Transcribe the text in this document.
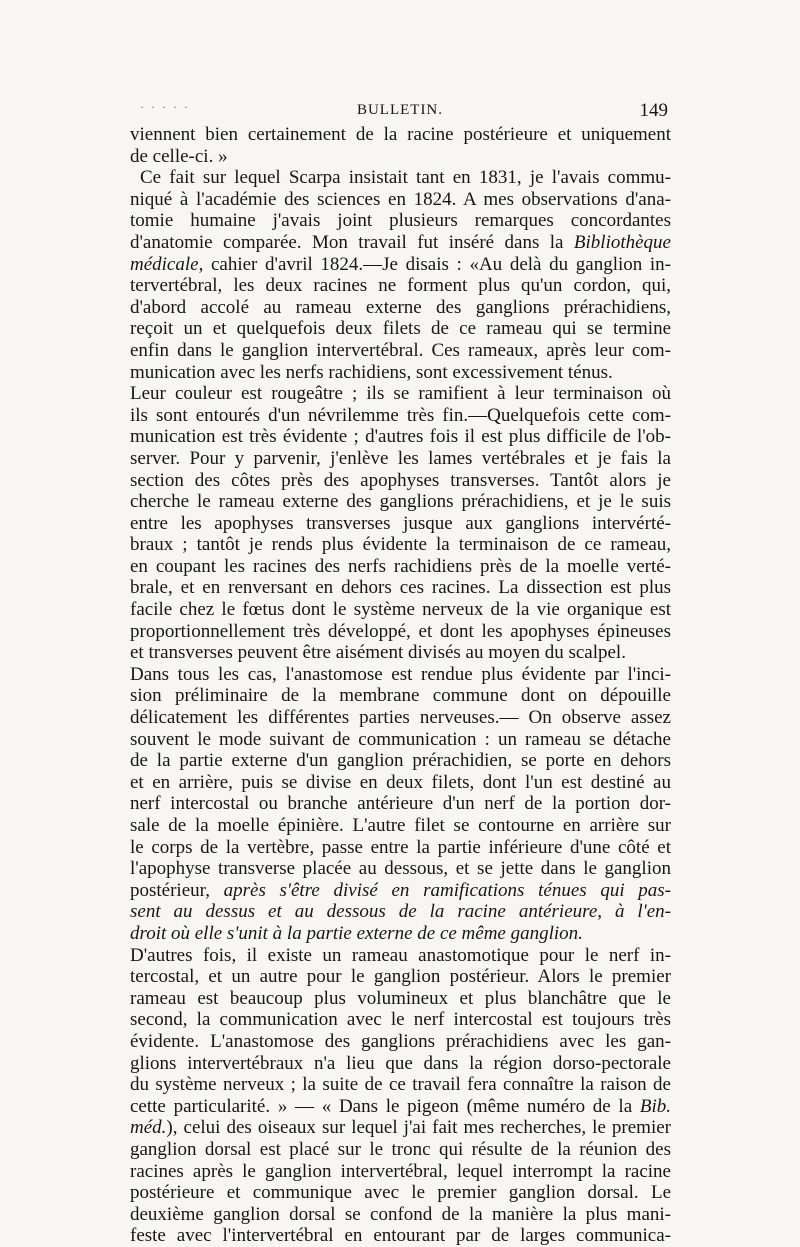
· · · · ·	BULLETIN.	149
viennent bien certainement de la racine postérieure et uniquement
de celle-ci. »
Ce fait sur lequel Scarpa insistait tant en 1831, je l'avais commu-
niqué à l'académie des sciences en 1824. A mes observations d'ana-
tomie humaine j'avais joint plusieurs remarques concordantes
d'anatomie comparée. Mon travail fut inséré dans la Bibliothèque
médicale, cahier d'avril 1824.—Je disais : «Au delà du ganglion in-
tervertébral, les deux racines ne forment plus qu'un cordon, qui,
d'abord accolé au rameau externe des ganglions prérachidiens,
reçoit un et quelquefois deux filets de ce rameau qui se termine
enfin dans le ganglion intervertébral. Ces rameaux, après leur com-
munication avec les nerfs rachidiens, sont excessivement ténus.
Leur couleur est rougeâtre ; ils se ramifient à leur terminaison où
ils sont entourés d'un névrilemme très fin.—Quelquefois cette com-
munication est très évidente ; d'autres fois il est plus difficile de l'ob-
server. Pour y parvenir, j'enlève les lames vertébrales et je fais la
section des côtes près des apophyses transverses. Tantôt alors je
cherche le rameau externe des ganglions prérachidiens, et je le suis
entre les apophyses transverses jusque aux ganglions intervérté-
braux ; tantôt je rends plus évidente la terminaison de ce rameau,
en coupant les racines des nerfs rachidiens près de la moelle verté-
brale, et en renversant en dehors ces racines. La dissection est plus
facile chez le fœtus dont le système nerveux de la vie organique est
proportionnellement très développé, et dont les apophyses épineuses
et transverses peuvent être aisément divisés au moyen du scalpel.
Dans tous les cas, l'anastomose est rendue plus évidente par l'inci-
sion préliminaire de la membrane commune dont on dépouille
délicatement les différentes parties nerveuses.— On observe assez
souvent le mode suivant de communication : un rameau se détache
de la partie externe d'un ganglion prérachidien, se porte en dehors
et en arrière, puis se divise en deux filets, dont l'un est destiné au
nerf intercostal ou branche antérieure d'un nerf de la portion dor-
sale de la moelle épinière. L'autre filet se contourne en arrière sur
le corps de la vertèbre, passe entre la partie inférieure d'une côté et
l'apophyse transverse placée au dessous, et se jette dans le ganglion
postérieur, après s'être divisé en ramifications ténues qui pas-
sent au dessus et au dessous de la racine antérieure, à l'en-
droit où elle s'unit à la partie externe de ce même ganglion.
D'autres fois, il existe un rameau anastomotique pour le nerf in-
tercostal, et un autre pour le ganglion postérieur. Alors le premier
rameau est beaucoup plus volumineux et plus blanchâtre que le
second, la communication avec le nerf intercostal est toujours très
évidente. L'anastomose des ganglions prérachidiens avec les gan-
glions intervertébraux n'a lieu que dans la région dorso-pectorale
du système nerveux ; la suite de ce travail fera connaître la raison de
cette particularité. » — « Dans le pigeon (même numéro de la Bib.
méd.), celui des oiseaux sur lequel j'ai fait mes recherches, le premier
ganglion dorsal est placé sur le tronc qui résulte de la réunion des
racines après le ganglion intervertébral, lequel interrompt la racine
postérieure et communique avec le premier ganglion dorsal. Le
deuxième ganglion dorsal se confond de la manière la plus mani-
feste avec l'intervertébral en entourant par de larges communica-
